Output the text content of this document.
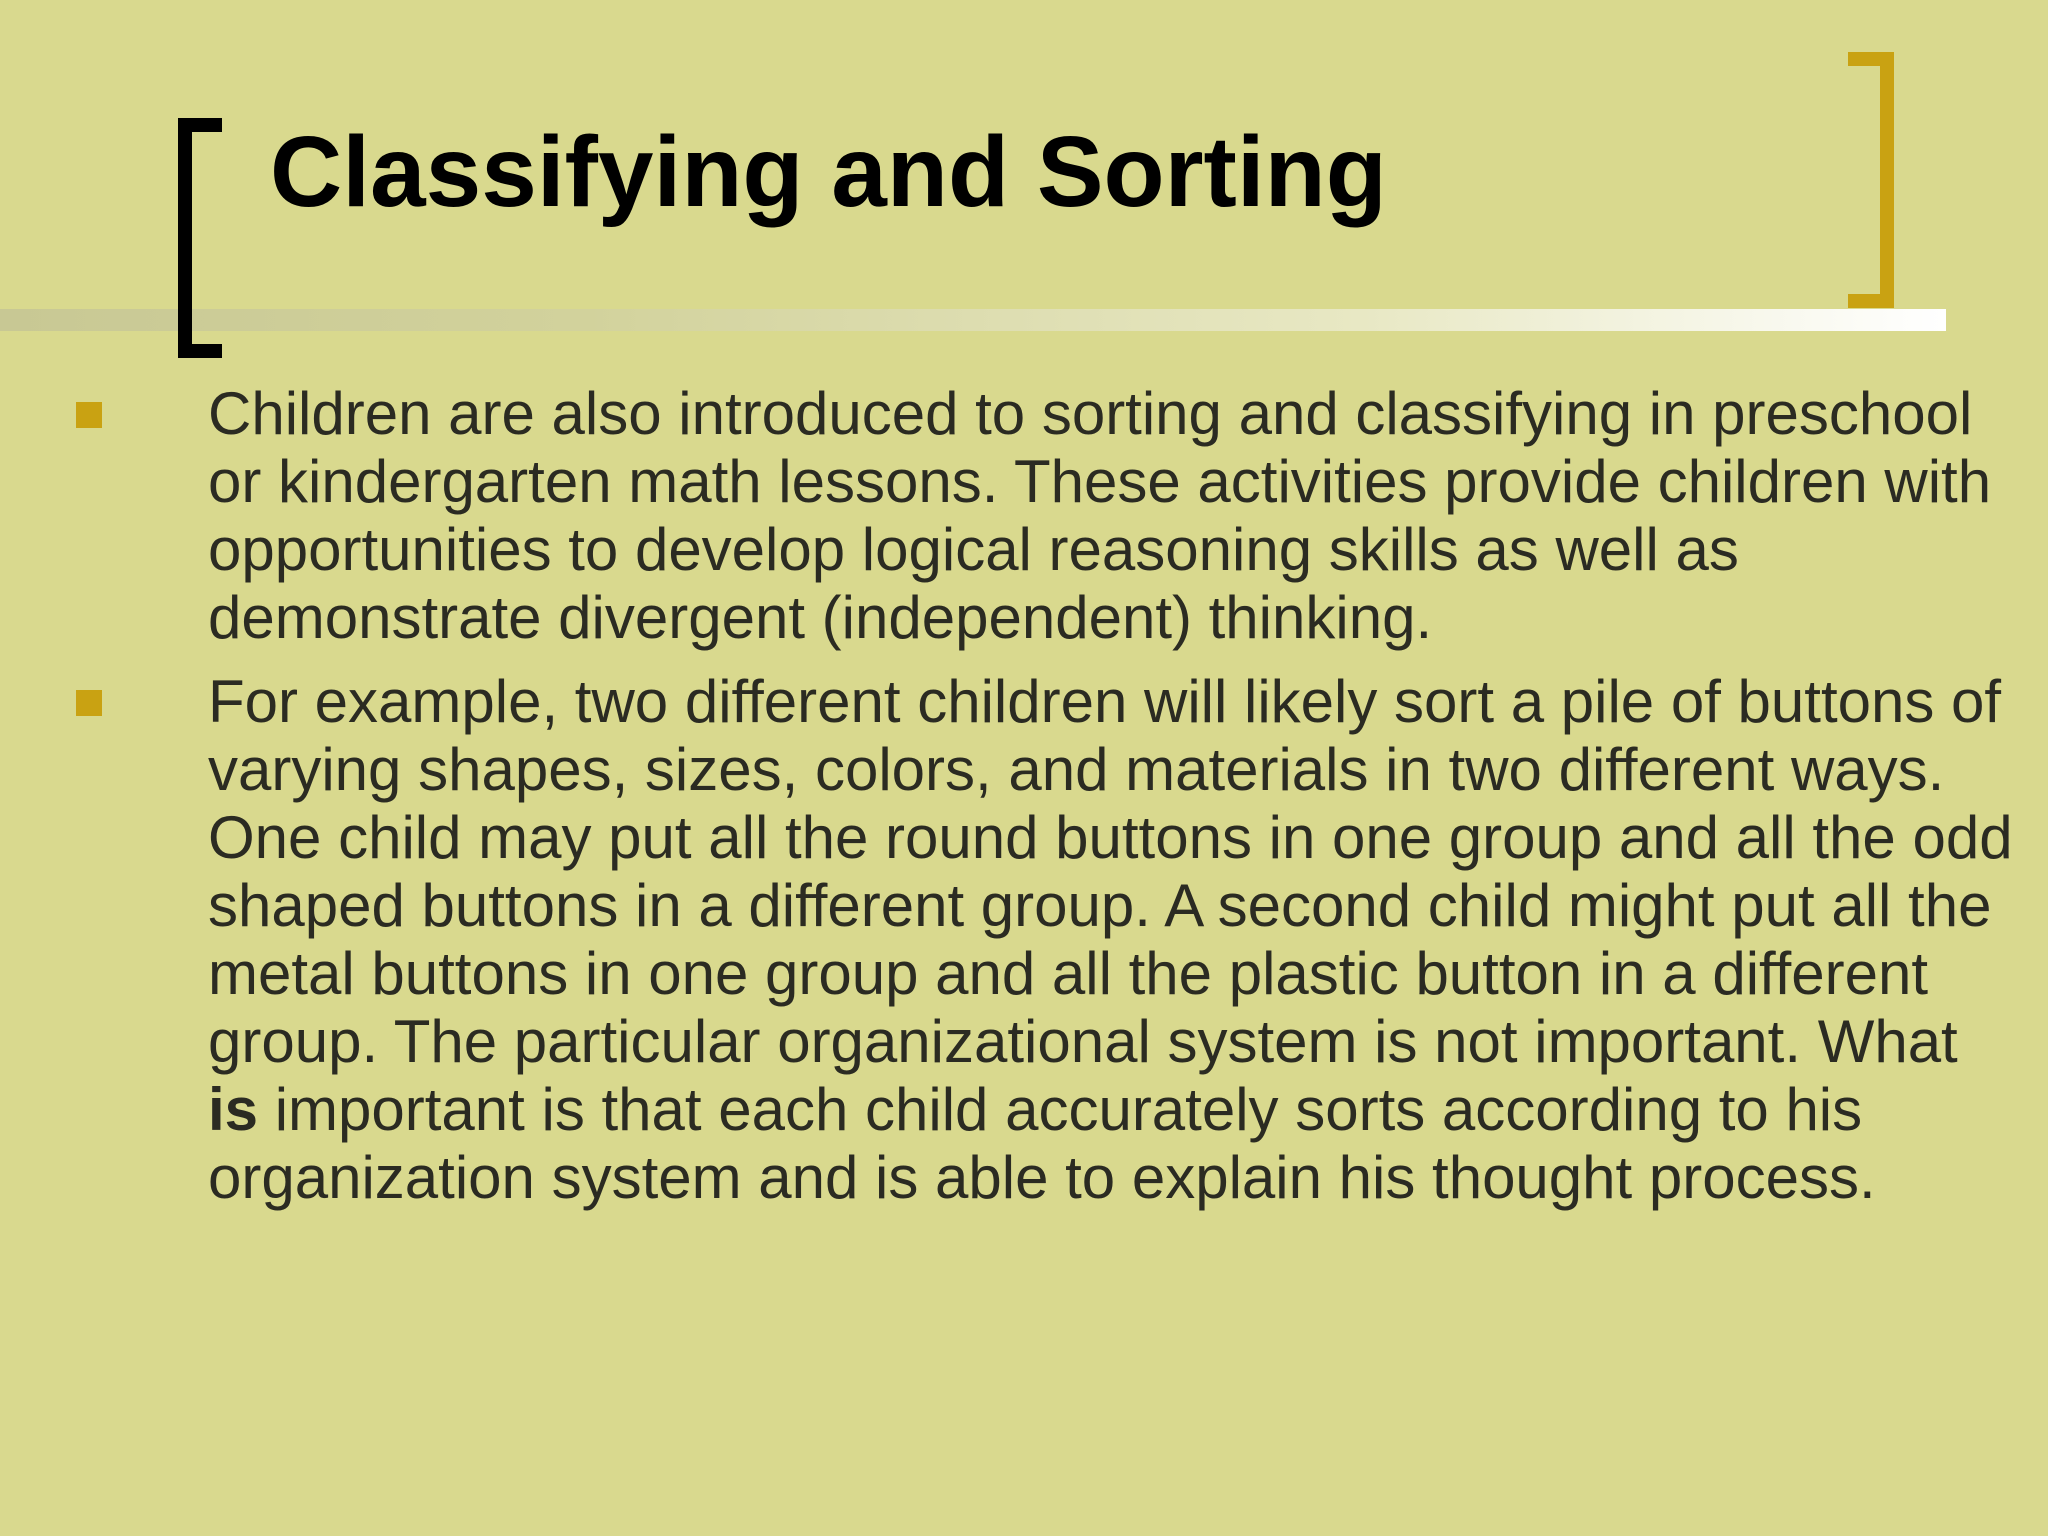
Classifying and Sorting
Children are also introduced to sorting and classifying in preschool or kindergarten math lessons. These activities provide children with opportunities to develop logical reasoning skills as well as demonstrate divergent (independent) thinking.
For example, two different children will likely sort a pile of buttons of varying shapes, sizes, colors, and materials in two different ways. One child may put all the round buttons in one group and all the odd shaped buttons in a different group. A second child might put all the metal buttons in one group and all the plastic button in a different group. The particular organizational system is not important. What is important is that each child accurately sorts according to his organization system and is able to explain his thought process.
